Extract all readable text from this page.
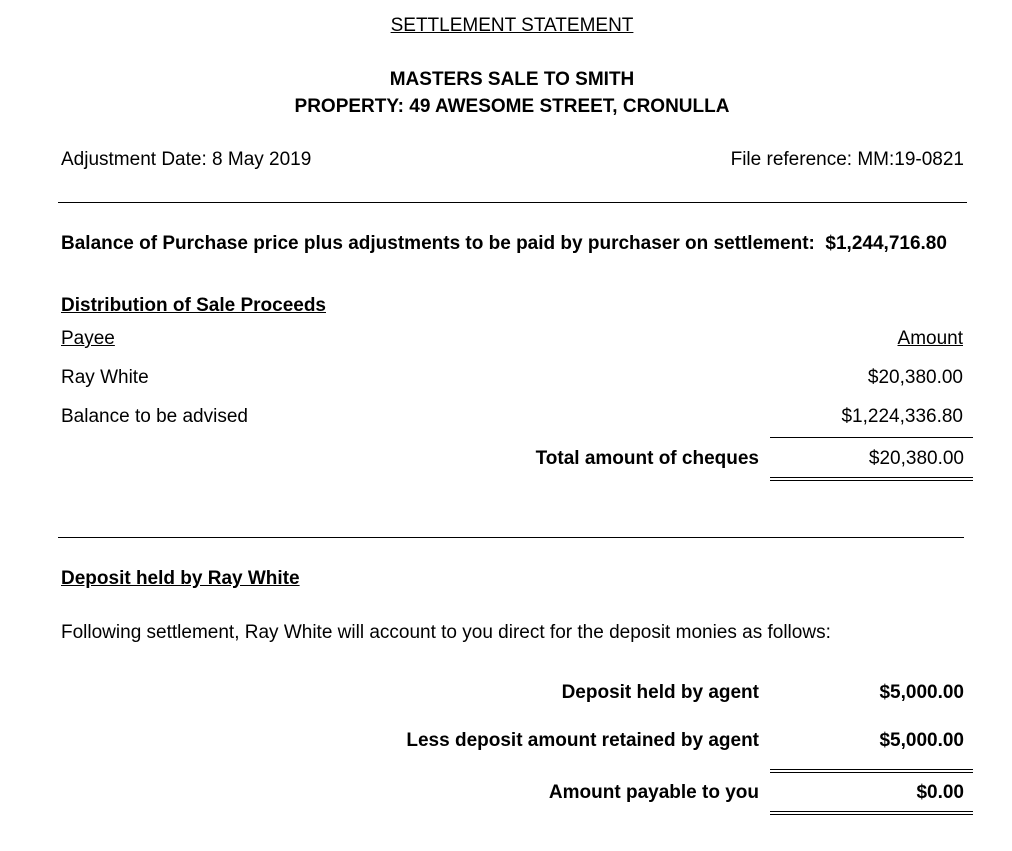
SETTLEMENT STATEMENT
MASTERS SALE TO SMITH
PROPERTY: 49 AWESOME STREET, CRONULLA
Adjustment Date: 8 May 2019	File reference: MM:19-0821
Balance of Purchase price plus adjustments to be paid by purchaser on settlement: $1,244,716.80
Distribution of Sale Proceeds
Payee	Amount
Ray White	$20,380.00
Balance to be advised	$1,224,336.80
Total amount of cheques	$20,380.00
Deposit held by Ray White
Following settlement, Ray White will account to you direct for the deposit monies as follows:
Deposit held by agent	$5,000.00
Less deposit amount retained by agent	$5,000.00
Amount payable to you	$0.00
